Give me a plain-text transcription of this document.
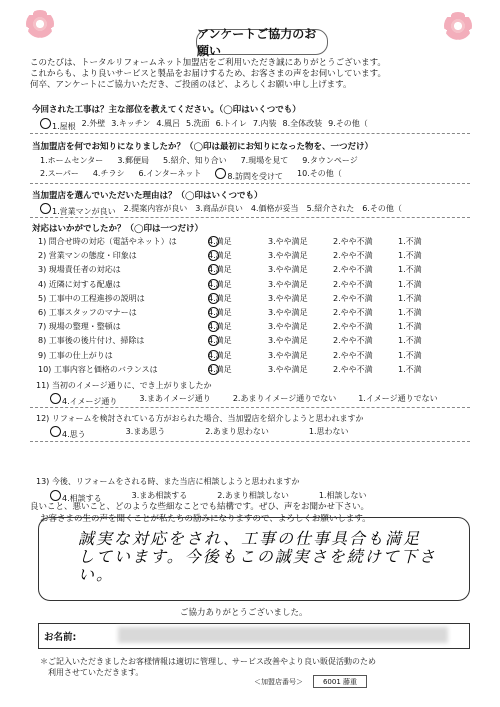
アンケートご協力のお願い
このたびは、トータルリフォームネット加盟店をご利用いただき誠にありがとうございます。
これからも、より良いサービスと製品をお届けするため、お客さまの声をお伺いしています。
何卒、アンケートにご協力いただき、ご投函のほど、よろしくお願い申し上げます。
今回された工事は？主な部位を教えてください。（◯印はいくつでも）
1.屋根 2.外壁 3.キッチン 4.風呂 5.洗面 6.トイレ 7.内装 8.全体改装 9.その他（
当加盟店を何でお知りになりましたか？（◯印は最初にお知りになった物を、一つだけ）
1.ホームセンター 3.郵便局 5.紹介、知り合い 7.現場を見て 9.タウンページ
2.スーパー 4.チラシ 6.インターネット	8.訪問を受けて 10.その他（
当加盟店を選んでいただいた理由は？（◯印はいくつでも）
1.営業マンが良い 2.提案内容が良い 3.商品が良い 4.価格が妥当 5.紹介された 6.その他（
対応はいかがでしたか？（◯印は一つだけ）
1) 問合せ時の対応（電話やネット）は	4.満足	3.やや満足	2.やや不満	1.不満
2) 営業マンの態度・印象は	4.満足	3.やや満足	2.やや不満	1.不満
3) 現場責任者の対応は	4.満足	3.やや満足	2.やや不満	1.不満
4) 近隣に対する配慮は	4.満足	3.やや満足	2.やや不満	1.不満
5) 工事中の工程進捗の説明は	4.満足	3.やや満足	2.やや不満	1.不満
6) 工事スタッフのマナーは	4.満足	3.やや満足	2.やや不満	1.不満
7) 現場の整理・整頓は	4.満足	3.やや満足	2.やや不満	1.不満
8) 工事後の後片付け、掃除は	4.満足	3.やや満足	2.やや不満	1.不満
9) 工事の仕上がりは	4.満足	3.やや満足	2.やや不満	1.不満
10) 工事内容と価格のバランスは	4.満足	3.やや満足	2.やや不満	1.不満
11) 当初のイメージ通りに、でき上がりましたか
4.イメージ通り	3.まあイメージ通り	2.あまりイメージ通りでない	1.イメージ通りでない
12) リフォームを検討されている方がおられた場合、当加盟店を紹介しようと思われますか
4.思う	3.まあ思う	2.あまり思わない	1.思わない
13) 今後、リフォームをされる時、また当店に相談しようと思われますか
4.相談する	3.まあ相談する	2.あまり相談しない	1.相談しない
良いこと、悪いこと、どのような些細なことでも結構です。ぜひ、声をお聞かせ下さい。
お客さまの生の声を聞くことが私たちの励みになりますので、よろしくお願いします。
誠実な対応をされ、工事の仕事具合も満足しています。今後もこの誠実さを続けて下さい。
ご協力ありがとうございました。
お名前:
＊ご記入いただきましたお客様情報は適切に管理し、サービス改善やより良い販促活動のため
　利用させていただきます。
＜加盟店番号＞	6001 藤重
